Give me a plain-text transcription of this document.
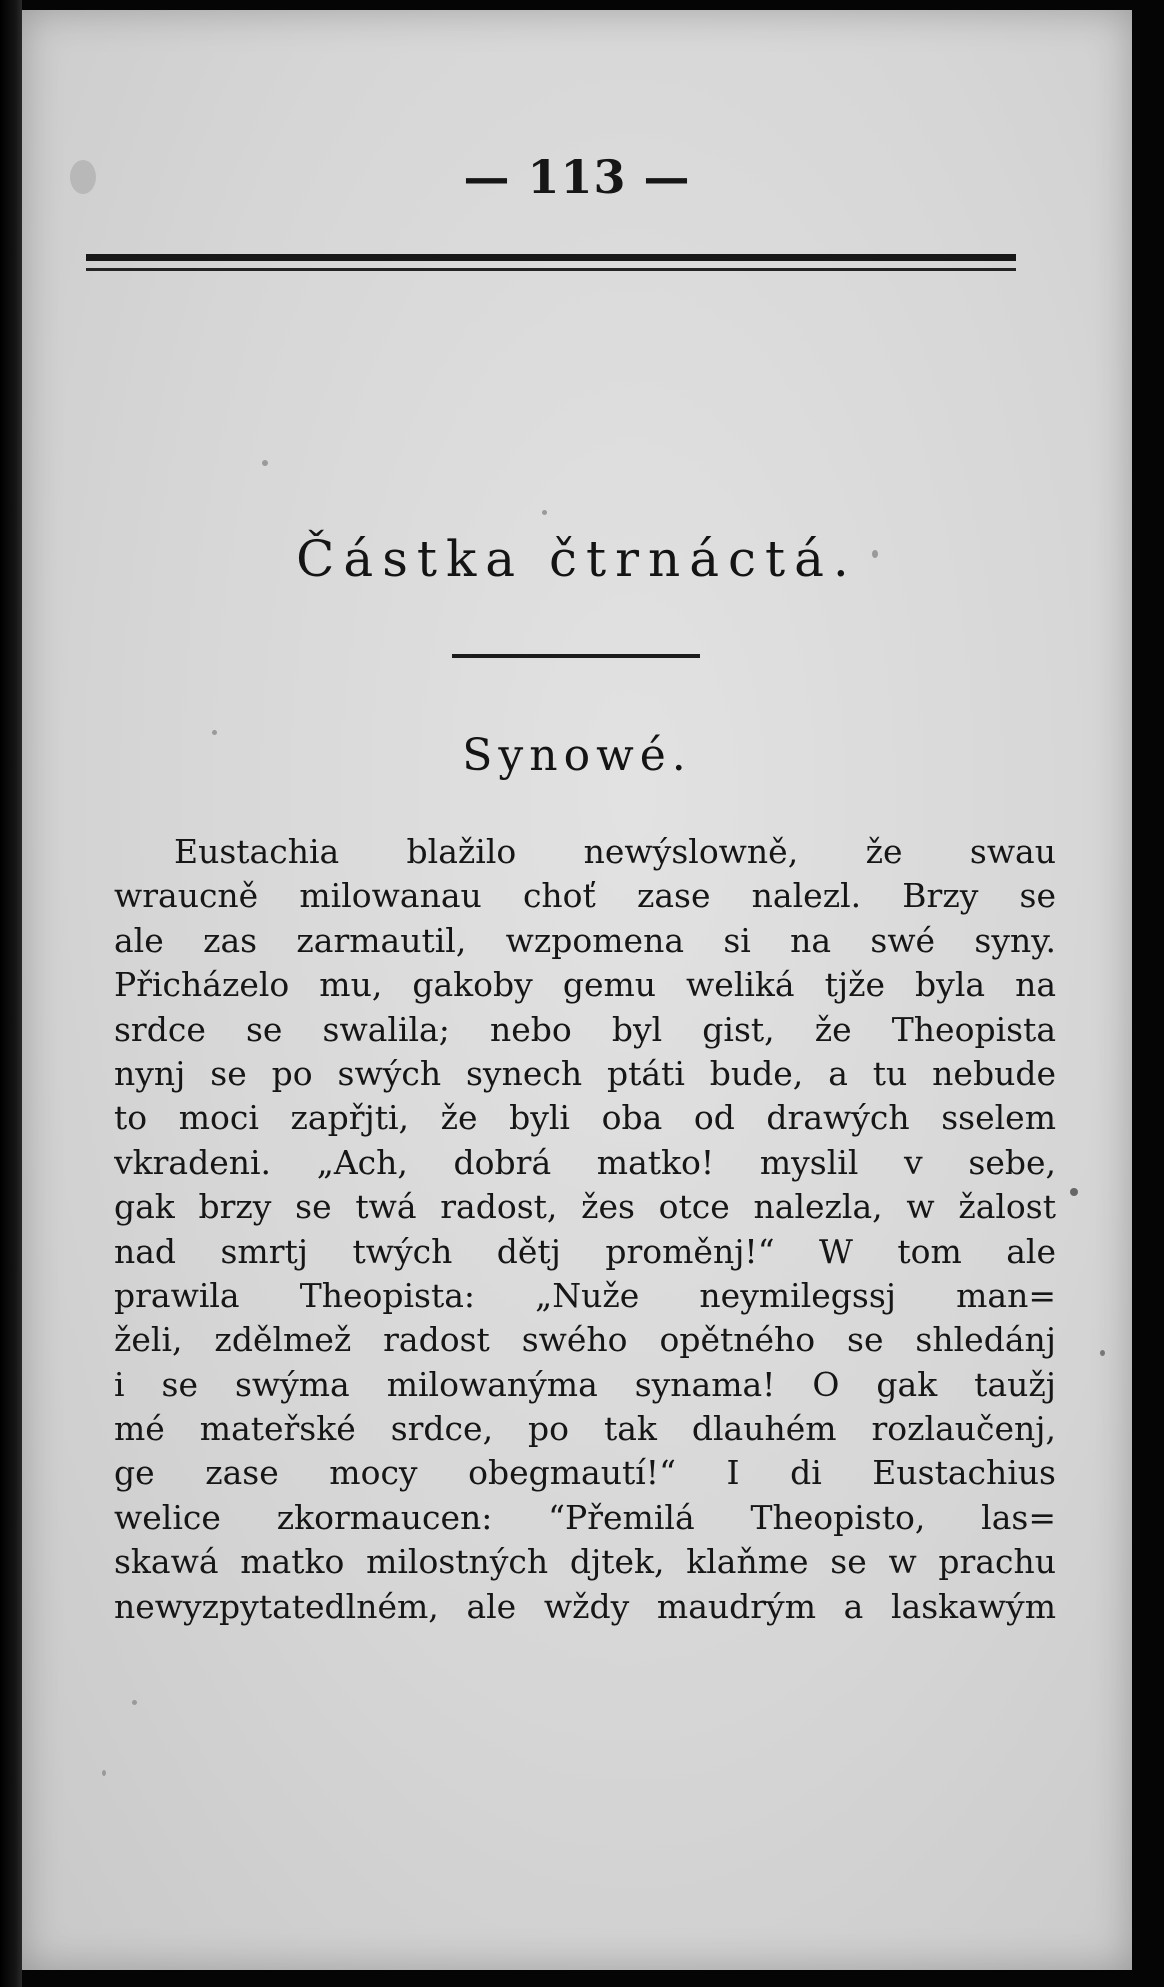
— 113 —
Částka čtrnáctá.
Synowé.
Eustachia blažilo newýslowně, že swau
wraucně milowanau choť zase nalezl. Brzy se
ale zas zarmautil, wzpomena si na swé syny.
Přicházelo mu, gakoby gemu weliká tjže byla na
srdce se swalila; nebo byl gist, že Theopista
nynj se po swých synech ptáti bude, a tu nebude
to moci zapřjti, že byli oba od drawých sselem
vkradeni. „Ach, dobrá matko! myslil v sebe,
gak brzy se twá radost, žes otce nalezla, w žalost
nad smrtj twých dětj proměnj!“ W tom ale
prawila Theopista: „Nuže neymilegssj man=
želi, zdělmež radost swého opětného se shledánj
i se swýma milowanýma synama! O gak taužj
mé mateřské srdce, po tak dlauhém rozlaučenj,
ge zase mocy obegmautí!“ I di Eustachius
welice zkormaucen: “Přemilá Theopisto, las=
skawá matko milostných djtek, klaňme se w prachu
newyzpytatedlném, ale wždy maudrým a laskawým
